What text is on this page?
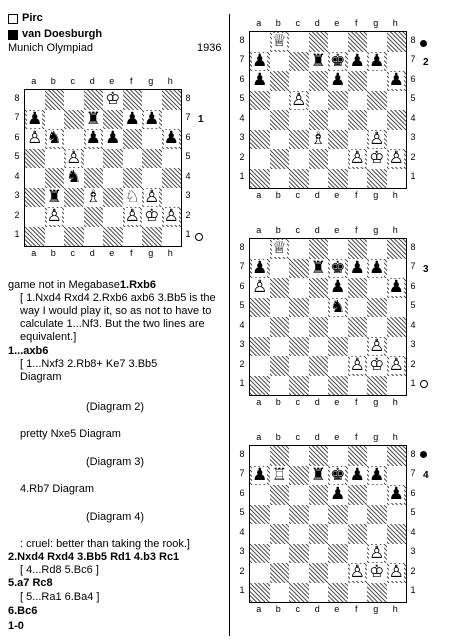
Pirc
van Doesburgh
Munich Olympiad	1936
a
a
b
b
c
c
d
d
e
e
f
f
g
g
h
h
8	8
7	7
6	6
5	5
4	4
3	3
2	2
1	1
♔
♟	♜ ♟ ♟
♙ ♞ ♟ ♟	♟
♙
♞
♜ ♗ ♘ ♙
♙	♙ ♔ ♙
1
a
a
b
b
c
c
d
d
e
e
f
f
g
g
h
h
8	8
7	7
6	6
5	5
4	4
3	3
2	2
1	1
♕
♟	♜ ♚ ♟ ♟
♟	♟	♟
♙
♗	♙
♙ ♔ ♙
2
a
a
b
b
c
c
d
d
e
e
f
f
g
g
h
h
8	8
7	7
6	6
5	5
4	4
3	3
2	2
1	1
♕
♟	♜ ♚ ♟ ♟
♙	♟	♟
♞
♙
♙ ♔ ♙
3
a
a
b
b
c
c
d
d
e
e
f
f
g
g
h
h
8	8
7	7
6	6
5	5
4	4
3	3
2	2
1	1
♟ ♖ ♜ ♚ ♟ ♟
♟	♟
♙
♙ ♔ ♙
4
game not in Megabase1.Rxb6
[ 1.Nxd4 Rxd4 2.Rxb6 axb6 3.Bb5 is the way I would play it, so as not to have to calculate 1...Nf3. But the two lines are equivalent.]
1...axb6
[ 1...Nxf3 2.Rb8+ Ke7 3.Bb5
Diagram
(Diagram 2)
pretty Nxe5 Diagram
(Diagram 3)
4.Rb7 Diagram
(Diagram 4)
: cruel: better than taking the rook.]
2.Nxd4 Rxd4 3.Bb5 Rd1 4.b3 Rc1
[ 4...Rd8 5.Bc6 ]
5.a7 Rc8
[ 5...Ra1 6.Ba4 ]
6.Bc6
1-0
